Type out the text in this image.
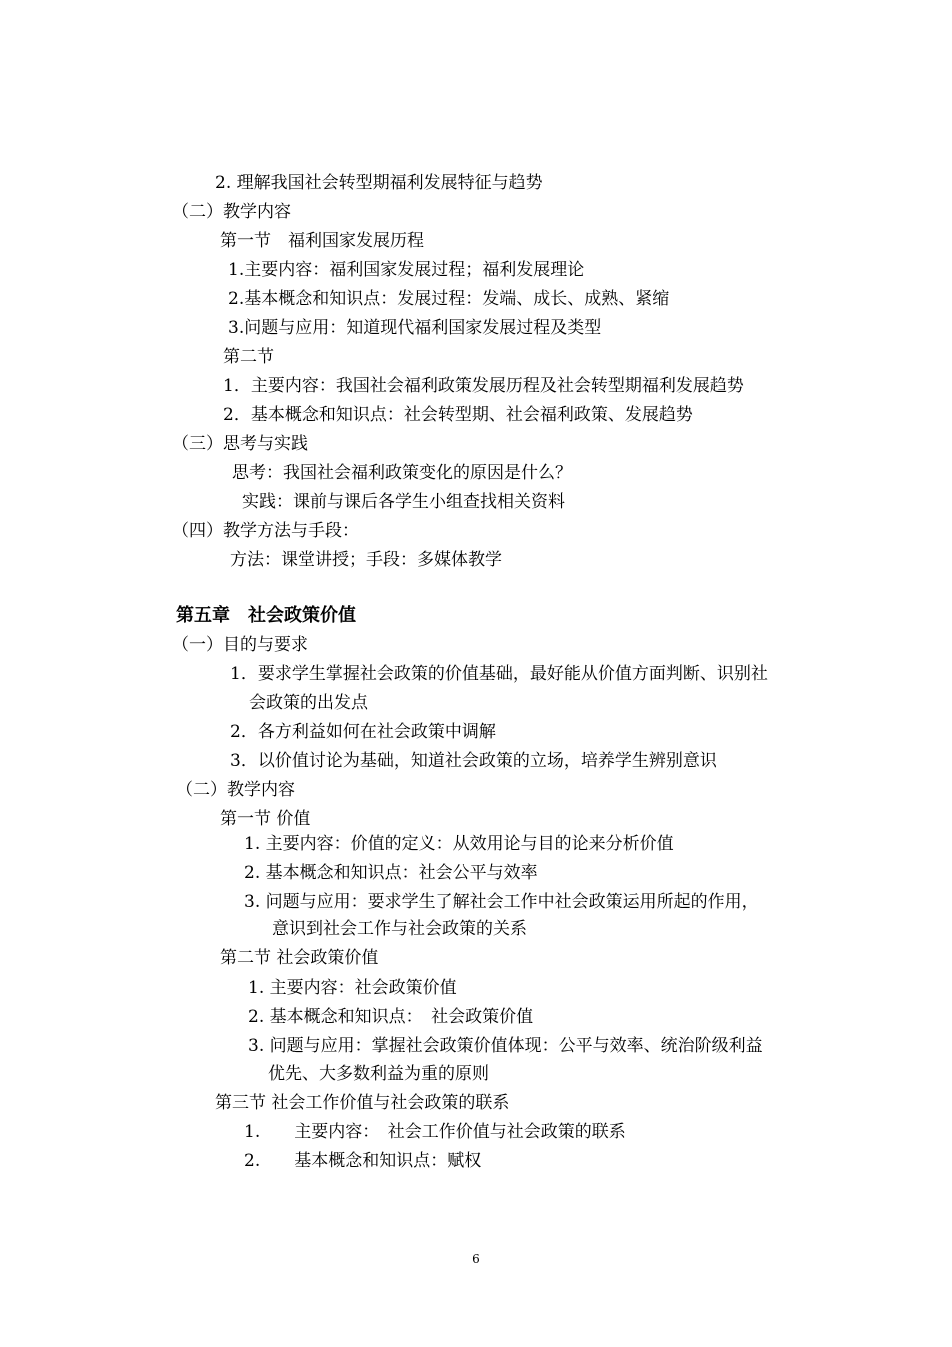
2. 理解我国社会转型期福利发展特征与趋势
（二）教学内容
第一节　福利国家发展历程
1.主要内容：福利国家发展过程；福利发展理论
2.基本概念和知识点：发展过程：发端、成长、成熟、紧缩
3.问题与应用：知道现代福利国家发展过程及类型
第二节
1．主要内容：我国社会福利政策发展历程及社会转型期福利发展趋势
2．基本概念和知识点：社会转型期、社会福利政策、发展趋势
（三）思考与实践
思考：我国社会福利政策变化的原因是什么？
实践：课前与课后各学生小组查找相关资料
（四）教学方法与手段：
方法：课堂讲授；手段：多媒体教学
第五章　社会政策价值
（一）目的与要求
1．要求学生掌握社会政策的价值基础，最好能从价值方面判断、识别社
会政策的出发点
2．各方利益如何在社会政策中调解
3．以价值讨论为基础，知道社会政策的立场，培养学生辨别意识
（二）教学内容
第一节 价值
1. 主要内容：价值的定义：从效用论与目的论来分析价值
2. 基本概念和知识点：社会公平与效率
3. 问题与应用：要求学生了解社会工作中社会政策运用所起的作用，
意识到社会工作与社会政策的关系
第二节 社会政策价值
1. 主要内容：社会政策价值
2. 基本概念和知识点：　社会政策价值
3. 问题与应用：掌握社会政策价值体现：公平与效率、统治阶级利益
优先、大多数利益为重的原则
第三节 社会工作价值与社会政策的联系
1.　　主要内容：　社会工作价值与社会政策的联系
2.　　基本概念和知识点：赋权
6
